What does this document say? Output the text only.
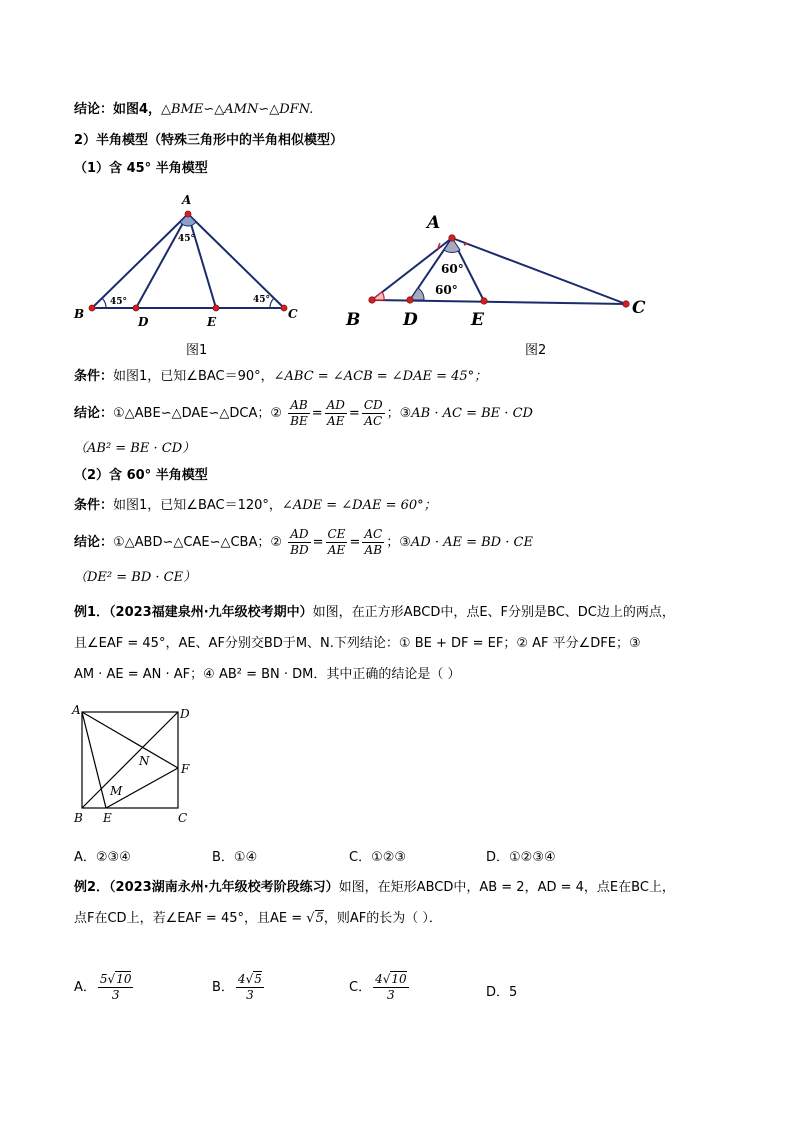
结论：如图4，△BME∽△AMN∽△DFN.
2）半角模型（特殊三角形中的半角相似模型）
（1）含 45° 半角模型
A
B	C
D	E
45°
45°	45°
图1
A
B
C
D	E
60°
60°
图2
条件：如图1，已知∠BAC＝90°，∠ABC = ∠ACB = ∠DAE = 45°；
结论：①△ABE∽△DAE∽△DCA；② $\frac{AB}{BE} = \frac{AD}{AE} = \frac{CD}{AC}$ ；③AB · AC = BE · CD
（AB² = BE · CD）
（2）含 60° 半角模型
条件：如图1，已知∠BAC＝120°，∠ADE = ∠DAE = 60°；
结论：①△ABD∽△CAE∽△CBA；② $\frac{AD}{BD} = \frac{CE}{AE} = \frac{AC}{AB}$ ；③AD · AE = BD · CE
（DE² = BD · CE）
例1．（2023福建泉州·九年级校考期中）如图，在正方形ABCD中，点E、F分别是BC、DC边上的两点，
且∠EAF = 45°，AE、AF分别交BD于M、N.下列结论：① BE + DF = EF；② AF 平分∠DFE；③
AM · AE = AN · AF；④ AB² = BN · DM．其中正确的结论是（ ）
A	D
B E	C
F
N
M
A．②③④	B．①④	C．①②③	D．①②③④
例2．（2023湖南永州·九年级校考阶段练习）如图，在矩形ABCD中，AB = 2，AD = 4，点E在BC上，
点F在CD上，若∠EAF = 45°，且AE = √5，则AF的长为（ ）．
A． $\frac{5√10}{3}$	B． $\frac{4√5}{3}$	C． $\frac{4√10}{3}$	D．5
